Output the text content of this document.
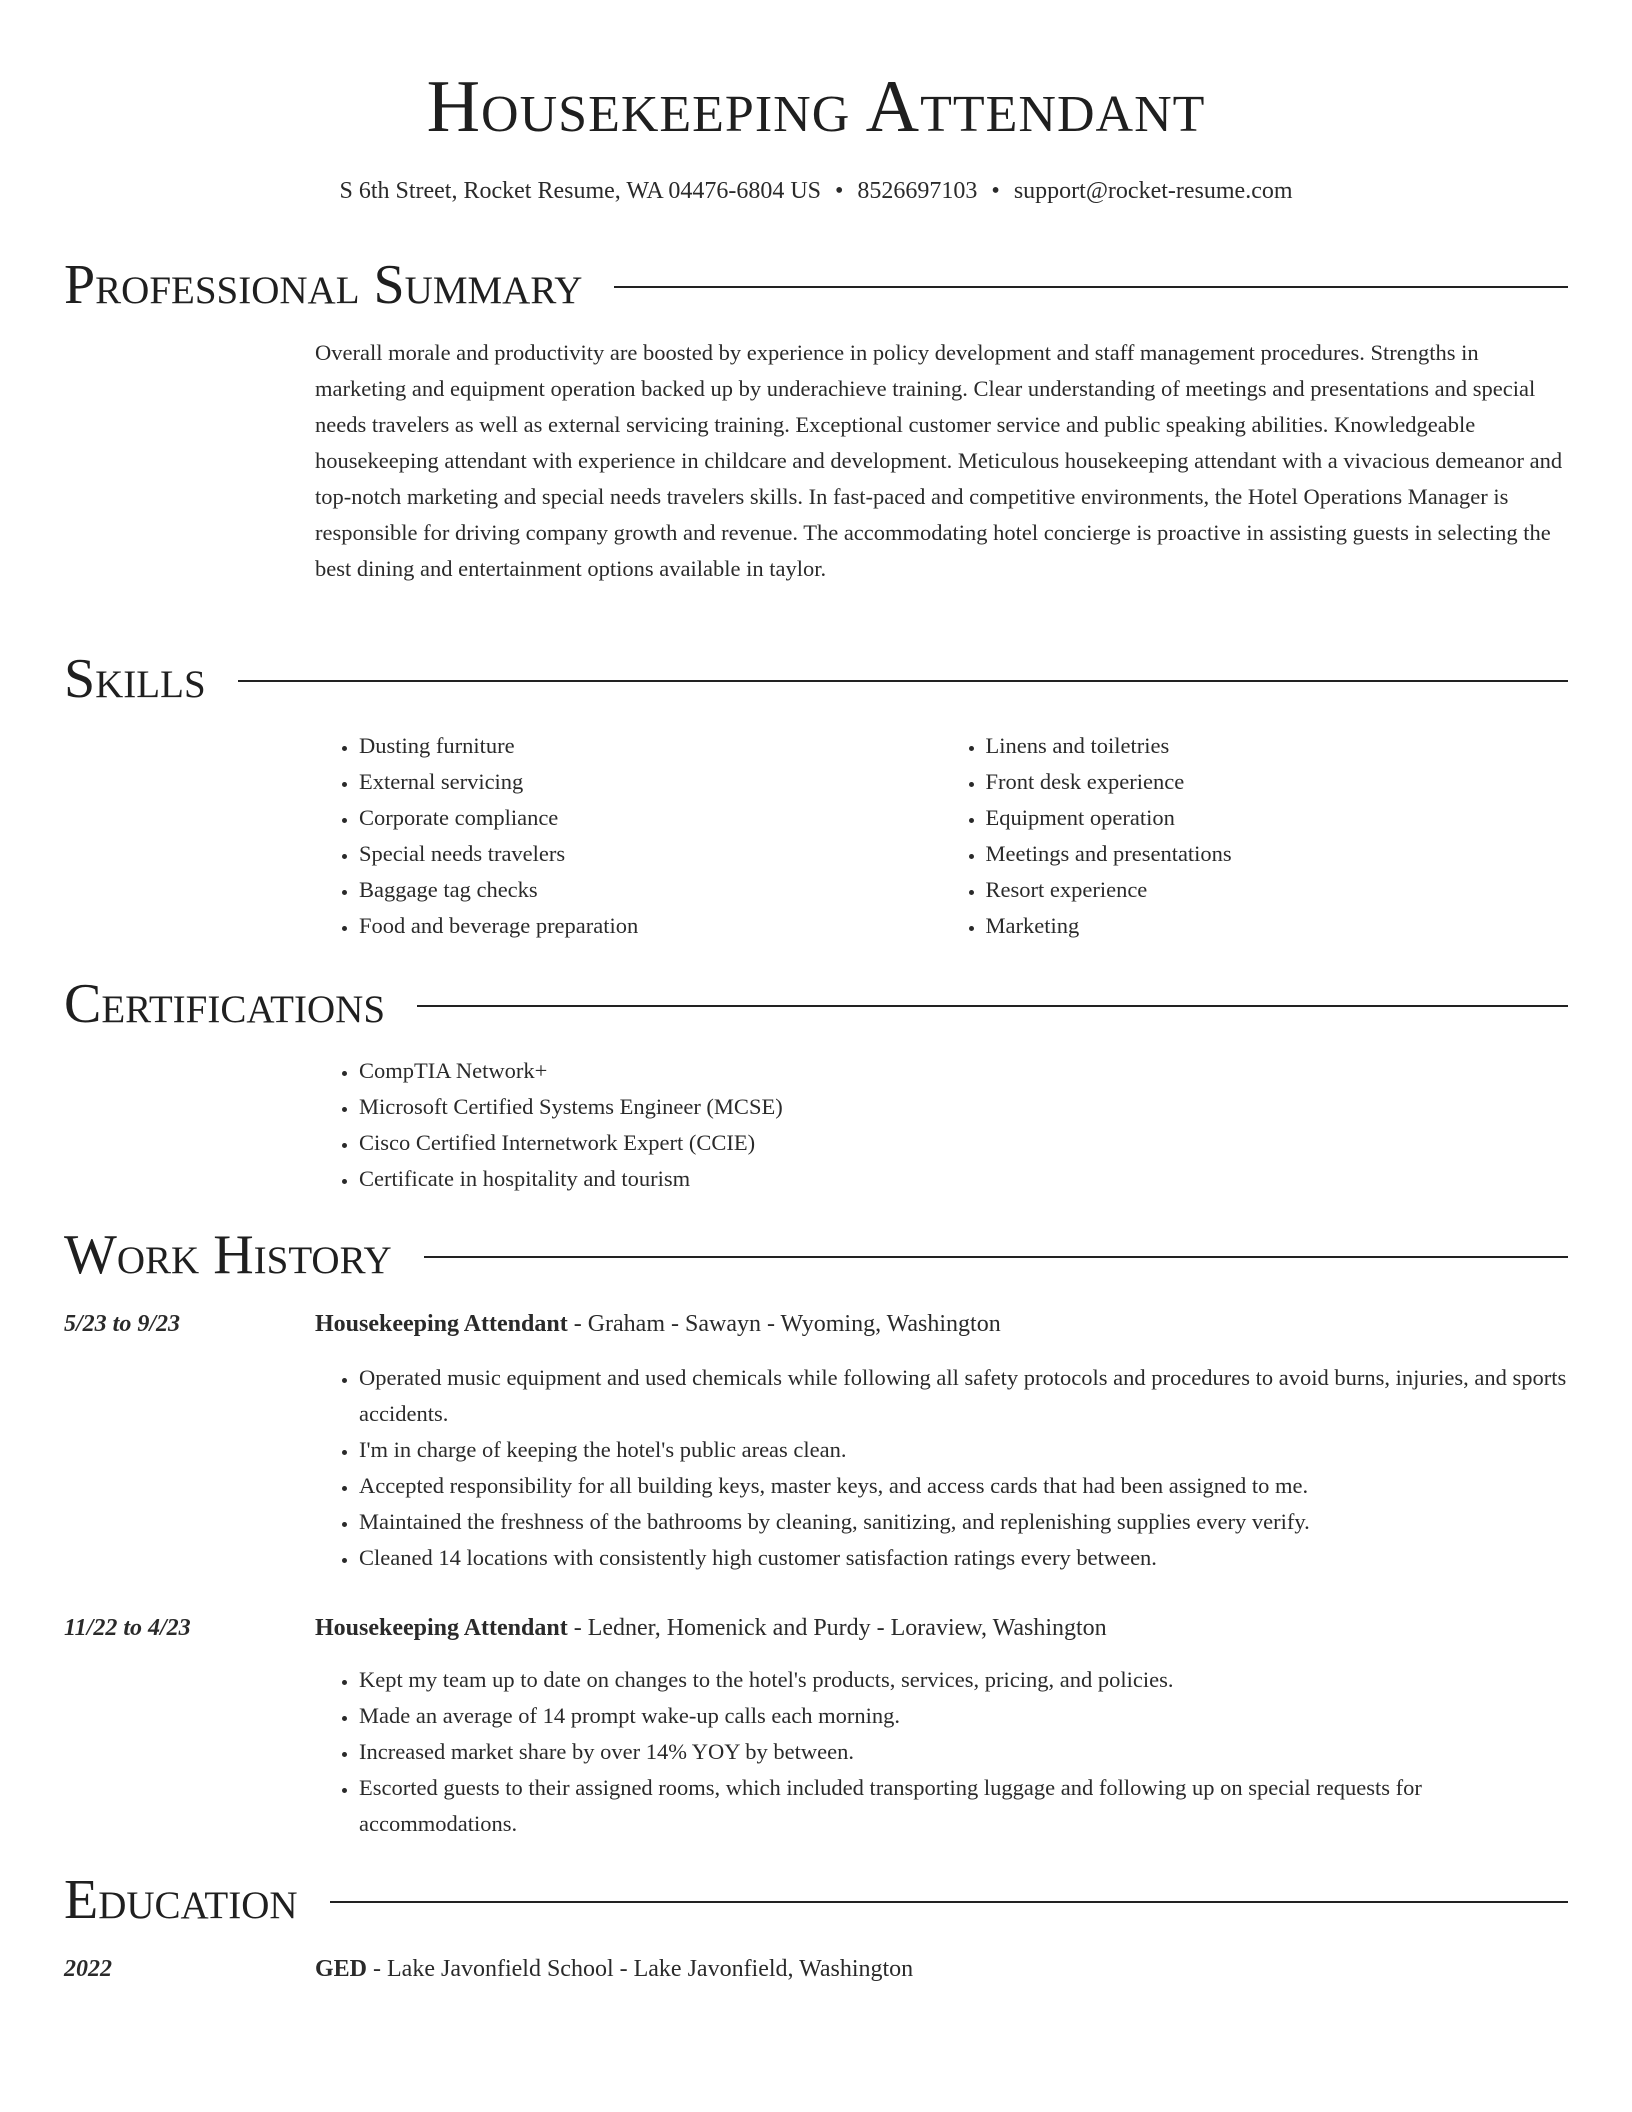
Housekeeping Attendant
S 6th Street, Rocket Resume, WA 04476-6804 US • 8526697103 • support@rocket-resume.com
Professional Summary
Overall morale and productivity are boosted by experience in policy development and staff management procedures. Strengths in marketing and equipment operation backed up by underachieve training. Clear understanding of meetings and presentations and special needs travelers as well as external servicing training. Exceptional customer service and public speaking abilities. Knowledgeable housekeeping attendant with experience in childcare and development. Meticulous housekeeping attendant with a vivacious demeanor and top-notch marketing and special needs travelers skills. In fast-paced and competitive environments, the Hotel Operations Manager is responsible for driving company growth and revenue. The accommodating hotel concierge is proactive in assisting guests in selecting the best dining and entertainment options available in taylor.
Skills
• Dusting furniture
• External servicing
• Corporate compliance
• Special needs travelers
• Baggage tag checks
• Food and beverage preparation
• Linens and toiletries
• Front desk experience
• Equipment operation
• Meetings and presentations
• Resort experience
• Marketing
Certifications
• CompTIA Network+
• Microsoft Certified Systems Engineer (MCSE)
• Cisco Certified Internetwork Expert (CCIE)
• Certificate in hospitality and tourism
Work History
5/23 to 9/23	Housekeeping Attendant - Graham - Sawayn - Wyoming, Washington
• Operated music equipment and used chemicals while following all safety protocols and procedures to avoid burns, injuries, and sports accidents.
• I'm in charge of keeping the hotel's public areas clean.
• Accepted responsibility for all building keys, master keys, and access cards that had been assigned to me.
• Maintained the freshness of the bathrooms by cleaning, sanitizing, and replenishing supplies every verify.
• Cleaned 14 locations with consistently high customer satisfaction ratings every between.
11/22 to 4/23	Housekeeping Attendant - Ledner, Homenick and Purdy - Loraview, Washington
• Kept my team up to date on changes to the hotel's products, services, pricing, and policies.
• Made an average of 14 prompt wake-up calls each morning.
• Increased market share by over 14% YOY by between.
• Escorted guests to their assigned rooms, which included transporting luggage and following up on special requests for accommodations.
Education
2022	GED - Lake Javonfield School - Lake Javonfield, Washington
